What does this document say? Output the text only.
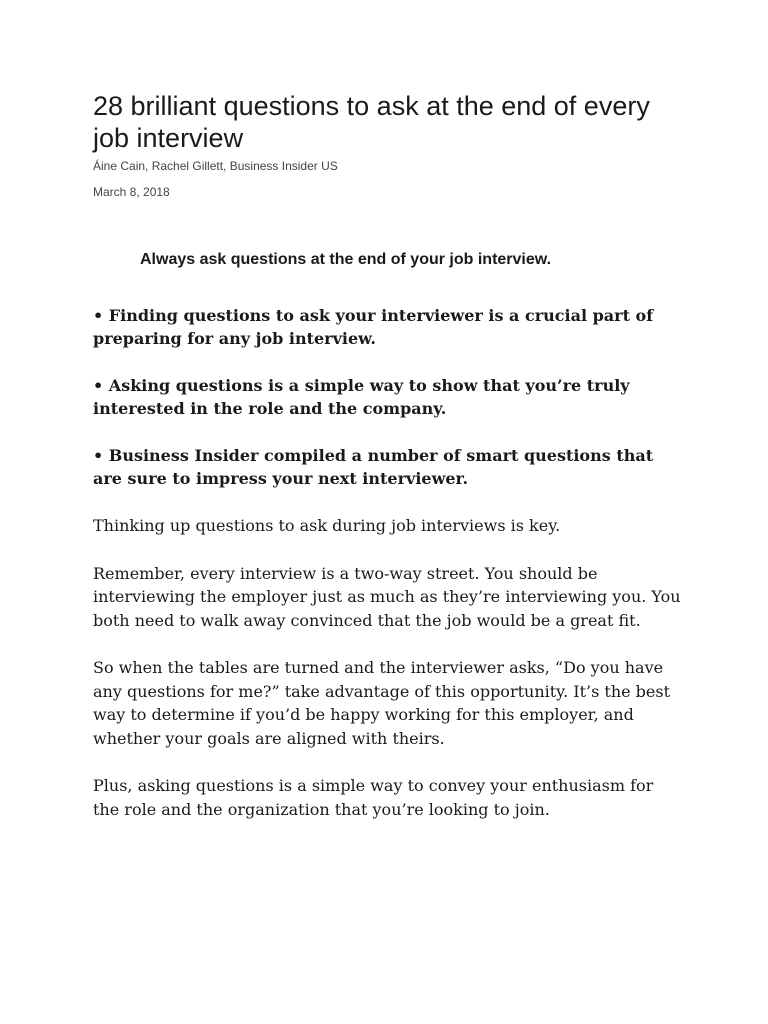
28 brilliant questions to ask at the end of every job interview
Áine Cain, Rachel Gillett, Business Insider US
March 8, 2018
Always ask questions at the end of your job interview.

• Finding questions to ask your interviewer is a crucial part of preparing for any job interview.

• Asking questions is a simple way to show that you’re truly interested in the role and the company.

• Business Insider compiled a number of smart questions that are sure to impress your next interviewer.

Thinking up questions to ask during job interviews is key.

Remember, every interview is a two-way street. You should be interviewing the employer just as much as they’re interviewing you. You both need to walk away convinced that the job would be a great fit.

So when the tables are turned and the interviewer asks, “Do you have any questions for me?” take advantage of this opportunity. It’s the best way to determine if you’d be happy working for this employer, and whether your goals are aligned with theirs.

Plus, asking questions is a simple way to convey your enthusiasm for the role and the organization that you’re looking to join.
